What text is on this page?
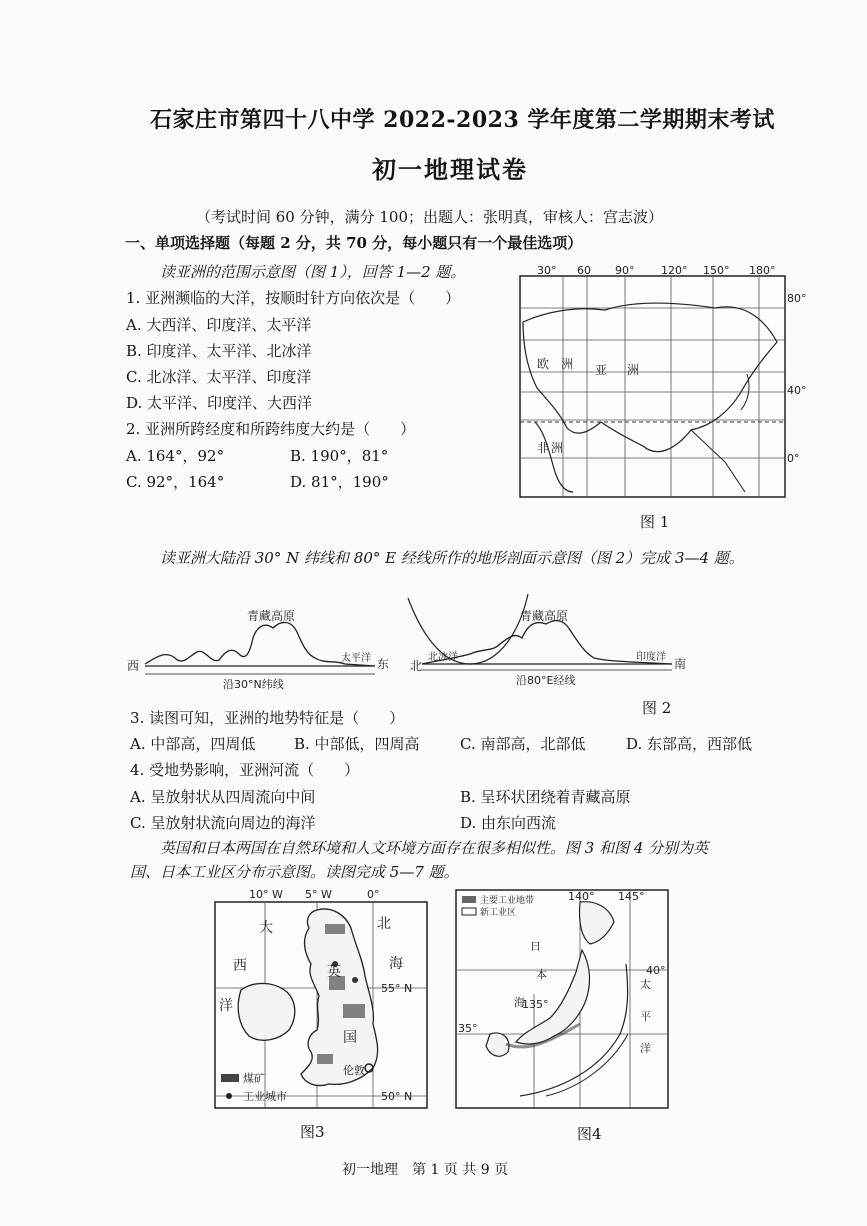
石家庄市第四十八中学 2022-2023 学年度第二学期期末考试
初一地理试卷
（考试时间 60 分钟，满分 100；出题人：张明真，审核人：宫志波）
一、单项选择题（每题 2 分，共 70 分，每小题只有一个最佳选项）
读亚洲的范围示意图（图 1），回答 1—2 题。
1. 亚洲濒临的大洋，按顺时针方向依次是（　　）
A. 大西洋、印度洋、太平洋
B. 印度洋、太平洋、北冰洋
C. 北冰洋、太平洋、印度洋
D. 太平洋、印度洋、大西洋
2. 亚洲所跨经度和所跨纬度大约是（　　）
A. 164°，92°	B. 190°，81°
C. 92°，164°	D. 81°，190°
30° 60 90° 120° 150° 180°
80°
40°
0°
欧 洲 亚 洲
非 洲
图 1
读亚洲大陆沿 30° N 纬线和 80° E 经线所作的地形剖面示意图（图 2）完成 3—4 题。
青藏高原
西	东
太平洋
沿30°N纬线
青藏高原
北	南
北冰洋	印度洋
沿80°E经线
图 2
3. 读图可知，亚洲的地势特征是（　　）
A. 中部高，四周低	B. 中部低，四周高	C. 南部高，北部低	D. 东部高，西部低
4. 受地势影响，亚洲河流（　　）
A. 呈放射状从四周流向中间	B. 呈环状团绕着青藏高原
C. 呈放射状流向周边的海洋	D. 由东向西流
英国和日本两国在自然环境和人文环境方面存在很多相似性。图 3 和图 4 分别为英
国、日本工业区分布示意图。读图完成 5—7 题。
大
西
洋
北
海
英
国
伦敦
10° W 5° W	0°
55° N
50° N
煤矿
工业城市
图3
主要工业地带
新工业区
140° 145°
135°
40°
35°
日
本
海
太
平
洋
图4
初一地理　第 1 页 共 9 页
